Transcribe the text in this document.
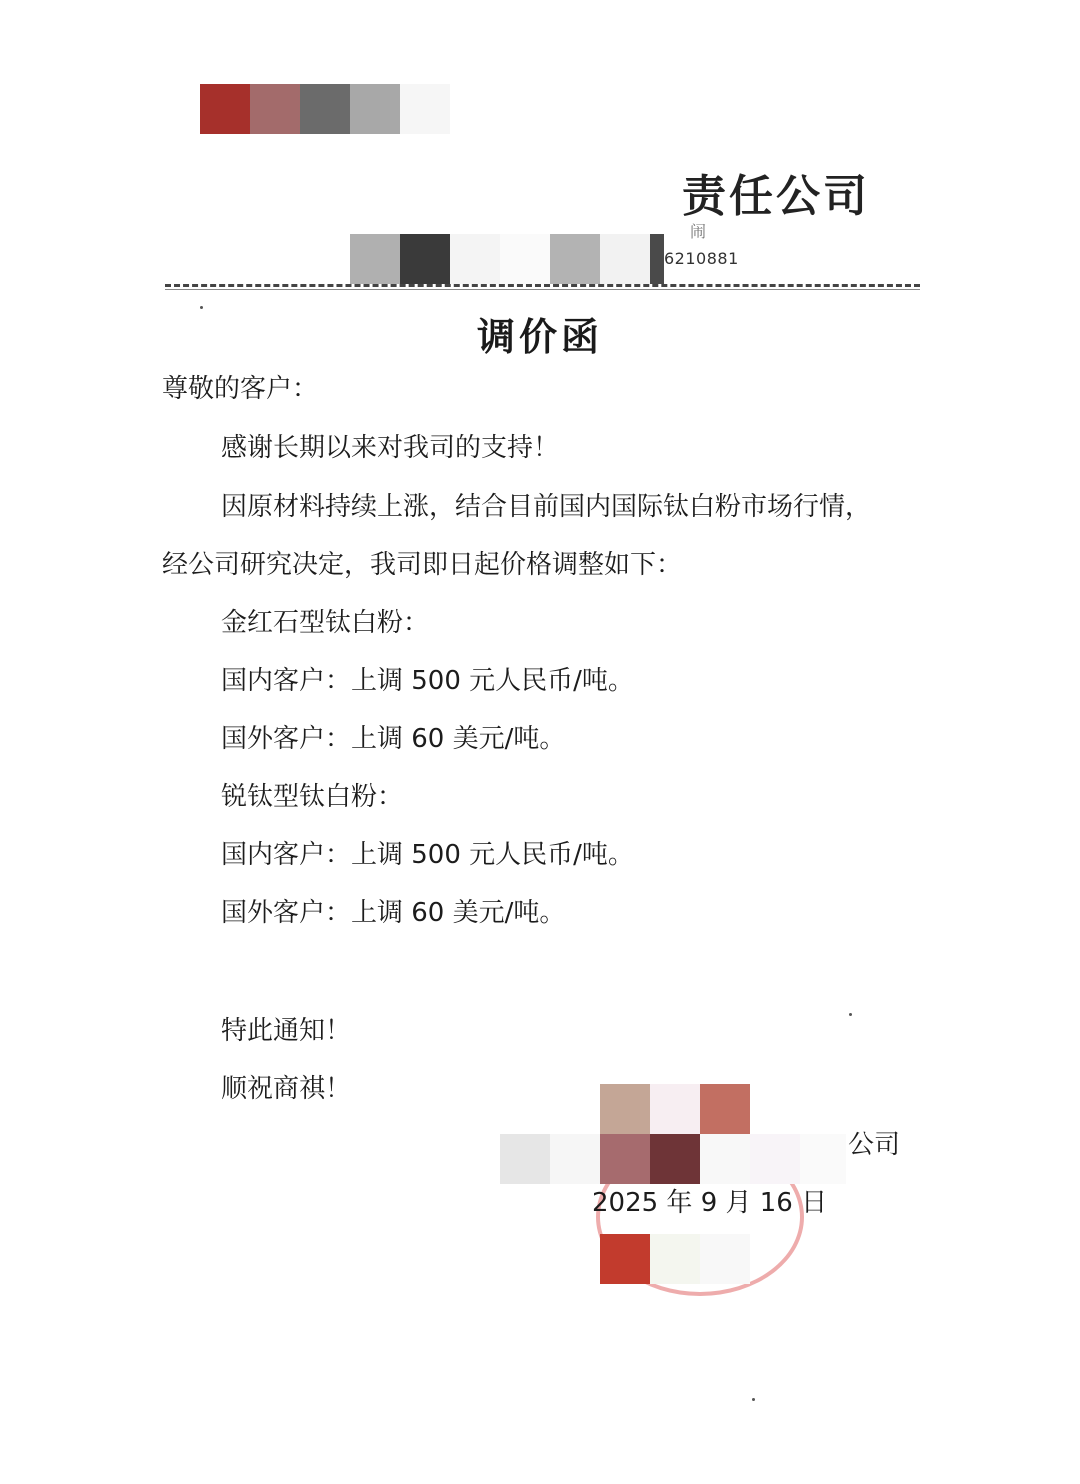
责任公司
闹
6210881
调价函
尊敬的客户：
感谢长期以来对我司的支持！
因原材料持续上涨，结合目前国内国际钛白粉市场行情，
经公司研究决定，我司即日起价格调整如下：
金红石型钛白粉：
国内客户：上调 500 元人民币/吨。
国外客户：上调 60 美元/吨。
锐钛型钛白粉：
国内客户：上调 500 元人民币/吨。
国外客户：上调 60 美元/吨。
特此通知！
顺祝商祺！
公司
2025 年 9 月 16 日
